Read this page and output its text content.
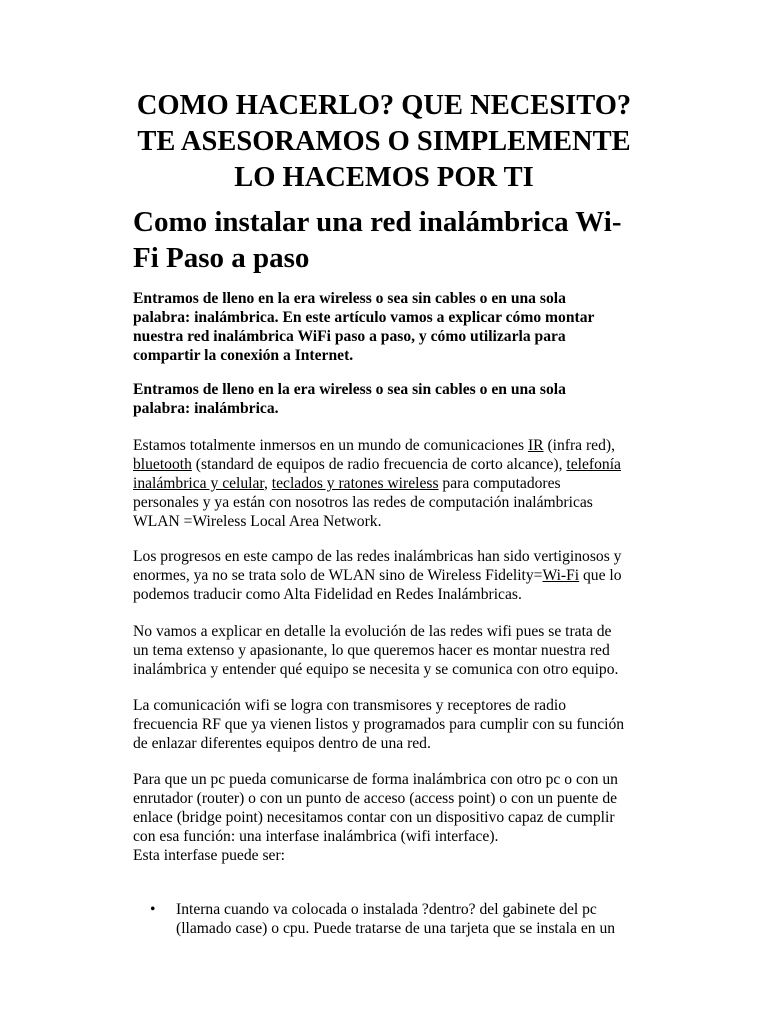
COMO HACERLO? QUE NECESITO?
TE ASESORAMOS O SIMPLEMENTE
LO HACEMOS POR TI
Como instalar una red inalámbrica Wi-
Fi Paso a paso

Entramos de lleno en la era wireless o sea sin cables o en una sola
palabra: inalámbrica. En este artículo vamos a explicar cómo montar
nuestra red inalámbrica WiFi paso a paso, y cómo utilizarla para
compartir la conexión a Internet.

Entramos de lleno en la era wireless o sea sin cables o en una sola
palabra: inalámbrica.

Estamos totalmente inmersos en un mundo de comunicaciones IR (infra red),
bluetooth (standard de equipos de radio frecuencia de corto alcance), telefonía
inalámbrica y celular, teclados y ratones wireless para computadores
personales y ya están con nosotros las redes de computación inalámbricas
WLAN =Wireless Local Area Network.

Los progresos en este campo de las redes inalámbricas han sido vertiginosos y
enormes, ya no se trata solo de WLAN sino de Wireless Fidelity=Wi-Fi que lo
podemos traducir como Alta Fidelidad en Redes Inalámbricas.

No vamos a explicar en detalle la evolución de las redes wifi pues se trata de
un tema extenso y apasionante, lo que queremos hacer es montar nuestra red
inalámbrica y entender qué equipo se necesita y se comunica con otro equipo.

La comunicación wifi se logra con transmisores y receptores de radio
frecuencia RF que ya vienen listos y programados para cumplir con su función
de enlazar diferentes equipos dentro de una red.

Para que un pc pueda comunicarse de forma inalámbrica con otro pc o con un
enrutador (router) o con un punto de acceso (access point) o con un puente de
enlace (bridge point) necesitamos contar con un dispositivo capaz de cumplir
con esa función: una interfase inalámbrica (wifi interface).

Esta interfase puede ser:

• Interna cuando va colocada o instalada ?dentro? del gabinete del pc
(llamado case) o cpu. Puede tratarse de una tarjeta que se instala en un
